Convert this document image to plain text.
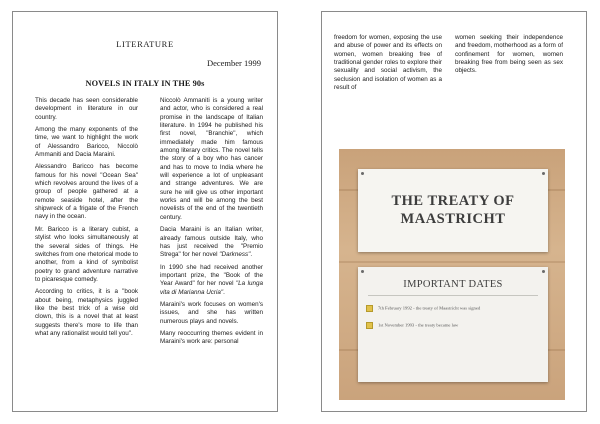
LITERATURE
December 1999
NOVELS IN ITALY IN THE 90s

This decade has seen considerable development in literature in our country.

Among the many exponents of the time, we want to highlight the work of Alessandro Baricco, Niccolò Ammaniti and Dacia Maraini.

Alessandro Baricco has become famous for his novel "Ocean Sea" which revolves around the lives of a group of people gathered at a remote seaside hotel, after the shipwreck of a frigate of the French navy in the ocean.

Mr. Baricco is a literary cubist, a stylist who looks simultaneously at the several sides of things. He switches from one rhetorical mode to another, from a kind of symbolist poetry to grand adventure narrative to picaresque comedy.

According to critics, it is a "book about being, metaphysics juggled like the best trick of a wise old clown, this is a novel that at least suggests there's more to life than what any rationalist would tell you".

Niccolò Ammaniti is a young writer and actor, who is considered a real promise in the landscape of Italian literature. In 1994 he published his first novel, "Branchie", which immediately made him famous among literary critics. The novel tells the story of a boy who has cancer and has to move to India where he will experience a lot of unpleasant and strange adventures. We are sure he will give us other important works and will be among the best novelists of the end of the twentieth century.

Dacia Maraini is an Italian writer, already famous outside Italy, who has just received the "Premio Strega" for her novel "Darkness".

In 1990 she had received another important prize, the "Book of the Year Award" for her novel "La lunga vita di Marianna Ucria".

Maraini's work focuses on women's issues, and she has written numerous plays and novels.

Many reoccurring themes evident in Maraini's work are: personal

freedom for women, exposing the use and abuse of power and its effects on women, women breaking free of traditional gender roles to explore their sexuality and social activism, the seclusion and isolation of women as a result of

women seeking their independence and freedom, motherhood as a form of confinement for women, women breaking free from being seen as sex objects.

THE TREATY OF
MAASTRICHT
IMPORTANT DATES
7th February 1992 - the treaty of Maastricht was signed
1st November 1993 - the treaty became law
